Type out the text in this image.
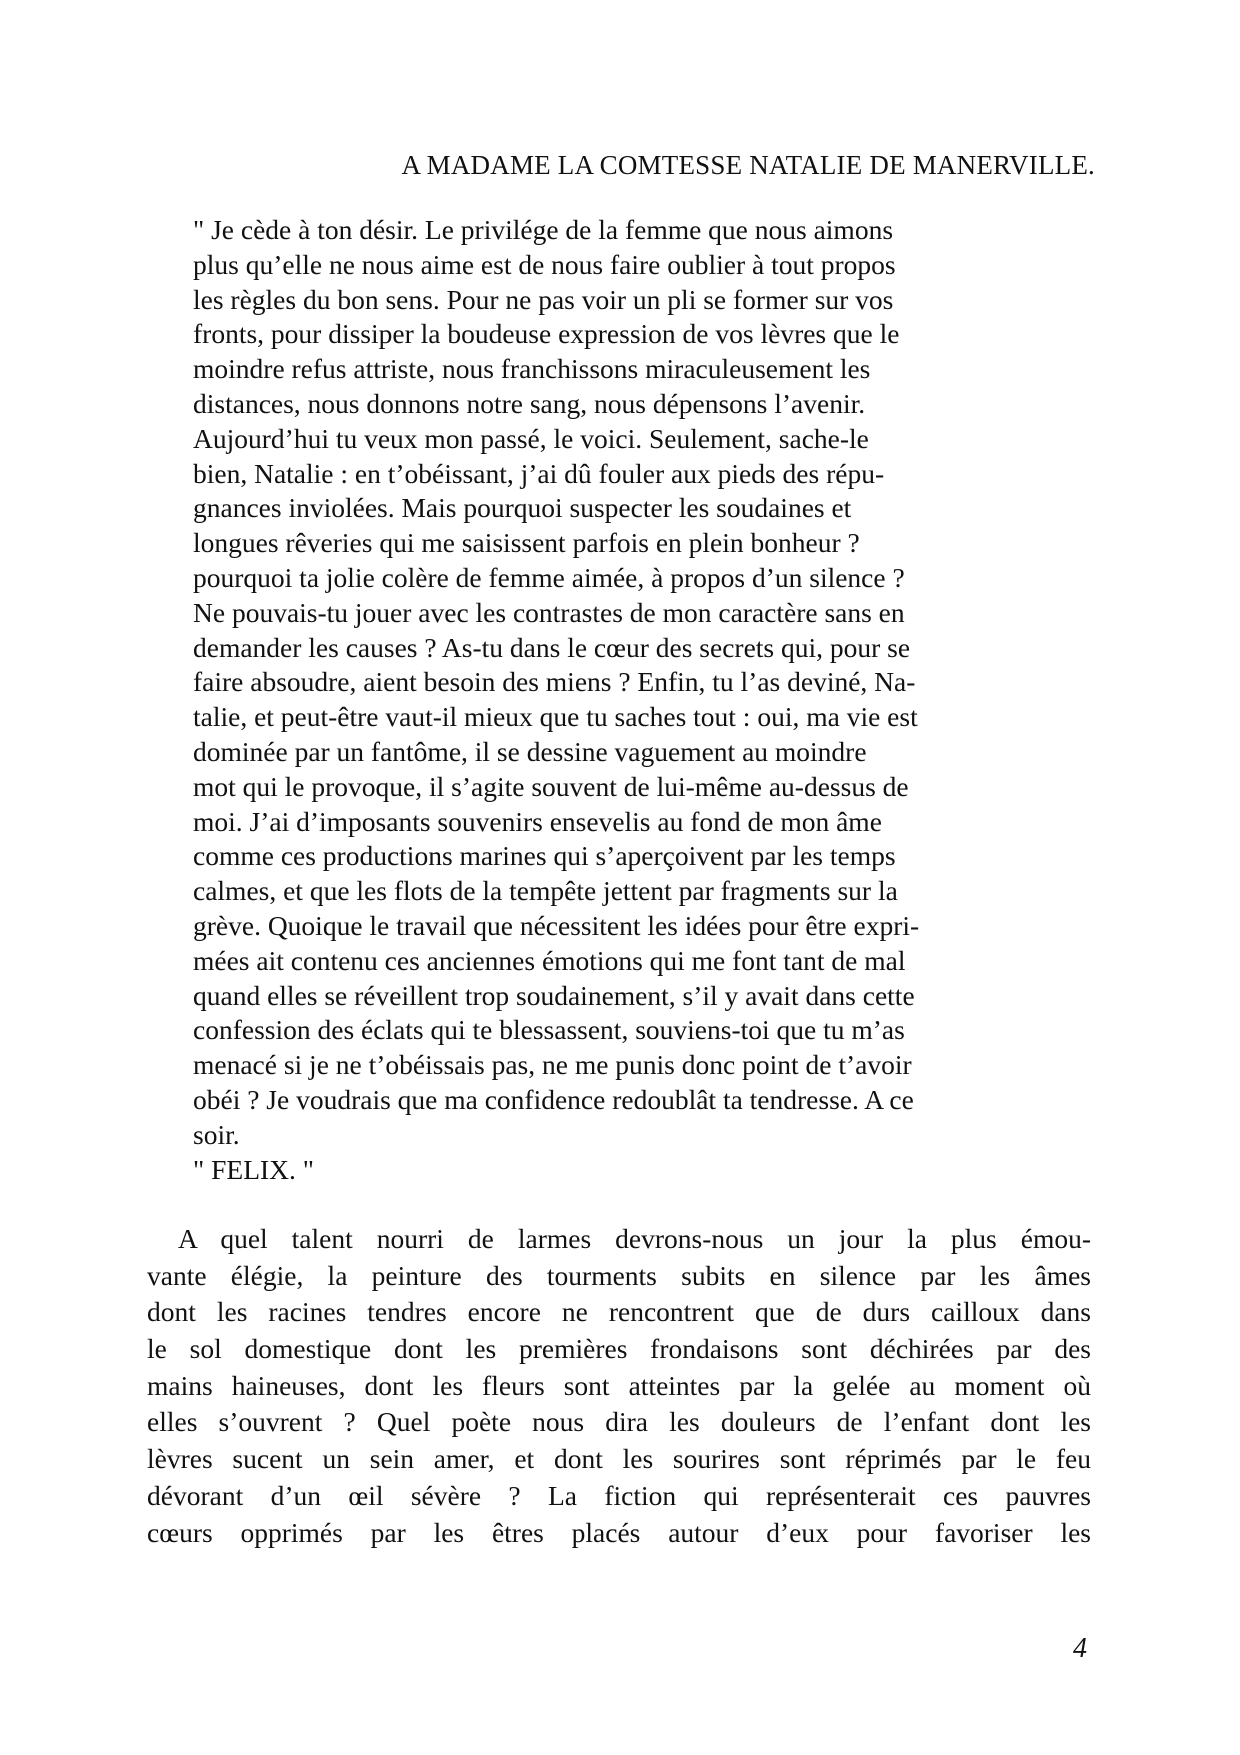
A MADAME LA COMTESSE NATALIE DE MANERVILLE.

" Je cède à ton désir. Le privilége de la femme que nous aimons
plus qu’elle ne nous aime est de nous faire oublier à tout propos
les règles du bon sens. Pour ne pas voir un pli se former sur vos
fronts, pour dissiper la boudeuse expression de vos lèvres que le
moindre refus attriste, nous franchissons miraculeusement les
distances, nous donnons notre sang, nous dépensons l’avenir.
Aujourd’hui tu veux mon passé, le voici. Seulement, sache-le
bien, Natalie : en t’obéissant, j’ai dû fouler aux pieds des répu-
gnances inviolées. Mais pourquoi suspecter les soudaines et
longues rêveries qui me saisissent parfois en plein bonheur ?
pourquoi ta jolie colère de femme aimée, à propos d’un silence ?
Ne pouvais-tu jouer avec les contrastes de mon caractère sans en
demander les causes ? As-tu dans le cœur des secrets qui, pour se
faire absoudre, aient besoin des miens ? Enfin, tu l’as deviné, Na-
talie, et peut-être vaut-il mieux que tu saches tout : oui, ma vie est
dominée par un fantôme, il se dessine vaguement au moindre
mot qui le provoque, il s’agite souvent de lui-même au-dessus de
moi. J’ai d’imposants souvenirs ensevelis au fond de mon âme
comme ces productions marines qui s’aperçoivent par les temps
calmes, et que les flots de la tempête jettent par fragments sur la
grève. Quoique le travail que nécessitent les idées pour être expri-
mées ait contenu ces anciennes émotions qui me font tant de mal
quand elles se réveillent trop soudainement, s’il y avait dans cette
confession des éclats qui te blessassent, souviens-toi que tu m’as
menacé si je ne t’obéissais pas, ne me punis donc point de t’avoir
obéi ? Je voudrais que ma confidence redoublât ta tendresse. A ce
soir.
" FELIX. "
A quel talent nourri de larmes devrons-nous un jour la plus émou-
vante élégie, la peinture des tourments subits en silence par les âmes
dont les racines tendres encore ne rencontrent que de durs cailloux dans
le sol domestique dont les premières frondaisons sont déchirées par des
mains haineuses, dont les fleurs sont atteintes par la gelée au moment où
elles s’ouvrent ? Quel poète nous dira les douleurs de l’enfant dont les
lèvres sucent un sein amer, et dont les sourires sont réprimés par le feu
dévorant d’un œil sévère ? La fiction qui représenterait ces pauvres
cœurs opprimés par les êtres placés autour d’eux pour favoriser les

4
